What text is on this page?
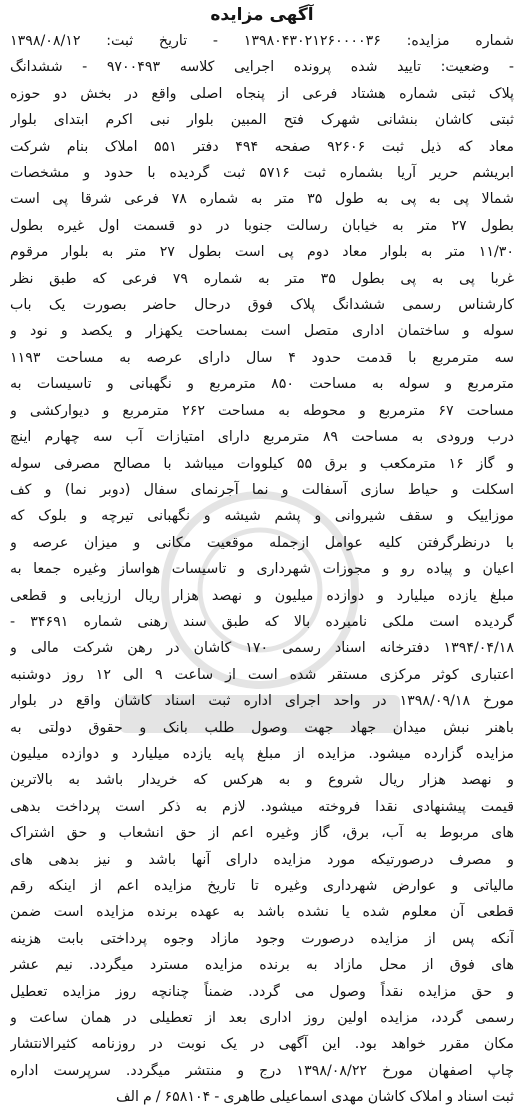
آگهی مزایده
شماره مزایده: ۱۳۹۸۰۴۳۰۲۱۲۶۰۰۰۰۳۶ - تاریخ ثبت: ۱۳۹۸/۰۸/۱۲
- وضعیت: تایید شده پرونده اجرایی کلاسه ۹۷۰۰۴۹۳ - ششدانگ
پلاک ثبتی شماره هشتاد فرعی از پنجاه اصلی واقع در بخش دو حوزه
ثبتی کاشان بنشانی شهرک فتح المبین بلوار نبی اکرم ابتدای بلوار
معاد که ذیل ثبت ۹۲۶۰۶ صفحه ۴۹۴ دفتر ۵۵۱ املاک بنام شرکت
ابریشم حریر آریا بشماره ثبت ۵۷۱۶ ثبت گردیده با حدود و مشخصات
شمالا پی به پی به طول ۳۵ متر به شماره ۷۸ فرعی شرقا پی است
بطول ۲۷ متر به خیابان رسالت جنوبا در دو قسمت اول غیره بطول
۱۱/۳۰ متر به بلوار معاد دوم پی است بطول ۲۷ متر به بلوار مرقوم
غربا پی به پی بطول ۳۵ متر به شماره ۷۹ فرعی که طبق نظر
کارشناس رسمی ششدانگ پلاک فوق درحال حاضر بصورت یک باب
سوله و ساختمان اداری متصل است بمساحت یکهزار و یکصد و نود و
سه مترمربع با قدمت حدود ۴ سال دارای عرصه به مساحت ۱۱۹۳
مترمربع و سوله به مساحت ۸۵۰ مترمربع و نگهبانی و تاسیسات به
مساحت ۶۷ مترمربع و محوطه به مساحت ۲۶۲ مترمربع و دیوارکشی و
درب ورودی به مساحت ۸۹ مترمربع دارای امتیازات آب سه چهارم اینچ
و گاز ۱۶ مترمکعب و برق ۵۵ کیلووات میباشد با مصالح مصرفی سوله
اسکلت و حیاط سازی آسفالت و نما آجرنمای سفال (دوبر نما) و کف
موزاییک و سقف شیروانی و پشم شیشه و نگهبانی تیرچه و بلوک که
با درنظرگرفتن کلیه عوامل ازجمله موقعیت مکانی و میزان عرصه و
اعیان و پیاده رو و مجوزات شهرداری و تاسیسات هواساز وغیره جمعا به
مبلغ یازده میلیارد و دوازده میلیون و نهصد هزار ریال ارزیابی و قطعی
گردیده است ملکی نامبرده بالا که طبق سند رهنی شماره ۳۴۶۹۱ -
۱۳۹۴/۰۴/۱۸ دفترخانه اسناد رسمی ۱۷۰ کاشان در رهن شرکت مالی و
اعتباری کوثر مرکزی مستقر شده است از ساعت ۹ الی ۱۲ روز دوشنبه
مورخ ۱۳۹۸/۰۹/۱۸ در واحد اجرای اداره ثبت اسناد کاشان واقع در بلوار
باهنر نبش میدان جهاد جهت وصول طلب بانک و حقوق دولتی به
مزایده گزارده میشود. مزایده از مبلغ پایه یازده میلیارد و دوازده میلیون
و نهصد هزار ریال شروع و به هرکس که خریدار باشد به بالاترین
قیمت پیشنهادی نقدا فروخته میشود. لازم به ذکر است پرداخت بدهی
های مربوط به آب، برق، گاز وغیره اعم از حق انشعاب و حق اشتراک
و مصرف درصورتیکه مورد مزایده دارای آنها باشد و نیز بدهی های
مالیاتی و عوارض شهرداری وغیره تا تاریخ مزایده اعم از اینکه رقم
قطعی آن معلوم شده یا نشده باشد به عهده برنده مزایده است ضمن
آنکه پس از مزایده درصورت وجود مازاد وجوه پرداختی بابت هزینه
های فوق از محل مازاد به برنده مزایده مسترد میگردد. نیم عشر
و حق مزایده نقداً وصول می گردد. ضمناً چنانچه روز مزایده تعطیل
رسمی گردد، مزایده اولین روز اداری بعد از تعطیلی در همان ساعت و
مکان مقرر خواهد بود. این آگهی در یک نوبت در روزنامه کثیرالانتشار
چاپ اصفهان مورخ ۱۳۹۸/۰۸/۲۲ درج و منتشر میگردد. سرپرست اداره
ثبت اسناد و املاک کاشان مهدی اسماعیلی طاهری - ۶۵۸۱۰۴ / م الف
